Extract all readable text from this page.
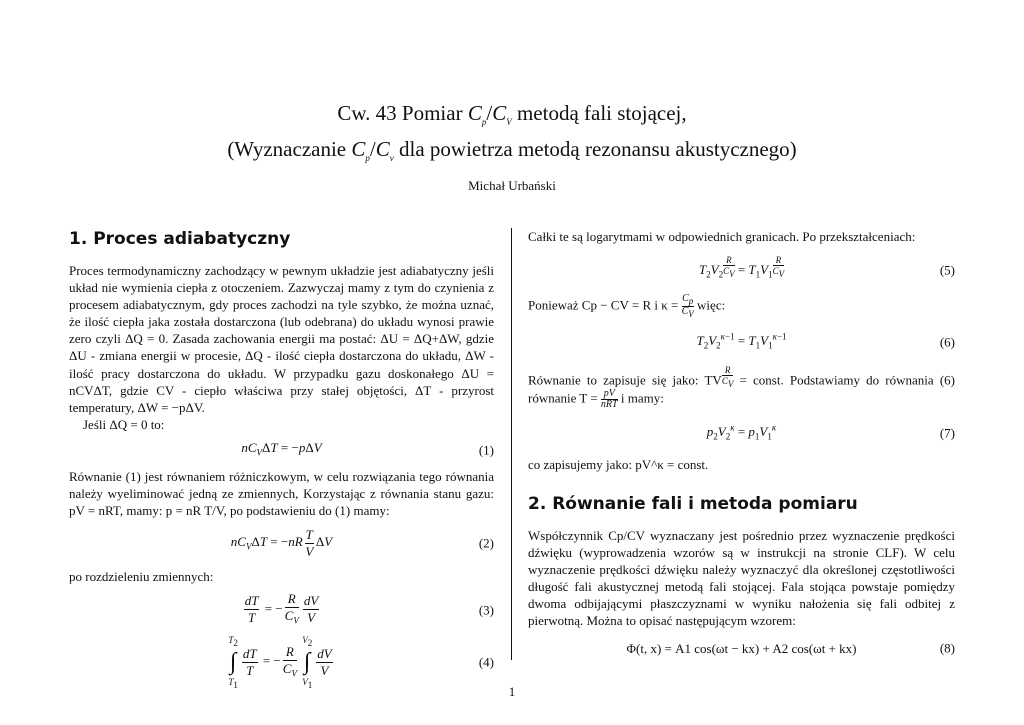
Cw. 43 Pomiar $C_p/C_V$ metodą fali stojącej,
(Wyznaczanie $C_p/C_v$ dla powietrza metodą rezonansu akustycznego)
Michał Urbański
1. Proces adiabatyczny

Proces termodynamiczny zachodzący w pewnym układzie jest adiabatyczny jeśli układ nie wymienia ciepła z otoczeniem. Zazwyczaj mamy z tym do czynienia z procesem adiabatycznym, gdy proces zachodzi na tyle szybko, że można uznać, że ilość ciepła jaka została dostarczona (lub odebrana) do układu wynosi prawie zero czyli ΔQ = 0. Zasada zachowania energii ma postać: ΔU = ΔQ+ΔW, gdzie ΔU - zmiana energii w procesie, ΔQ - ilość ciepła dostarczona do układu, ΔW - ilość pracy dostarczona do układu. W przypadku gazu doskonałego ΔU = nCVΔT, gdzie CV - ciepło właściwa przy stałej objętości, ΔT - przyrost temperatury, ΔW = −pΔV.

Jeśli ΔQ = 0 to:

$nC_V\Delta T = -p\Delta V$	(1)

Równanie (1) jest równaniem różniczkowym, w celu rozwiązania tego równania należy wyeliminować jedną ze zmiennych, Korzystając z równania stanu gazu: pV = nRT, mamy: p = nR T/V, po podstawieniu do (1) mamy:

$nC_V\Delta T = -nR \frac{T}{V}$ ΔV	(2)

po rozdzieleniu zmiennych:

$\frac{dT}{T}$ = − $\frac{R}{C_V} \frac{dV}{V}$	(3)
$T_2$
∫
$T_1$
$\frac{dT}{T}$ = − $\frac{R}{C_V}$
$V_2$
∫
$V_1$
$\frac{dV}{V}$	(4)

Całki te są logarytmami w odpowiednich granicach. Po przekształceniach:

$T_2V_2$ $^{\frac{R}{C_V}} = T_1V_1$ $^{\frac{R}{C_V}}$	(5)

Ponieważ Cp − CV = R i $\kappa = \frac{C_p}{C_V}$ więc:

$T_2V_2^{\kappa-1} = T_1V_1^{\kappa-1}$	(6)

Równanie to zapisuje się jako: TV $^{\frac{R}{C_V}}$ = const. Podstawiamy do równania (6) równanie T = pV
nRT i mamy:

$p_2V_2^\kappa = p_1V_1^\kappa$	(7)

co zapisujemy jako: pV^κ = const.

2. Równanie fali i metoda pomiaru

Współczynnik Cp/CV wyznaczany jest pośrednio przez wyznaczenie prędkości dźwięku (wyprowadzenia wzorów są w instrukcji na stronie CLF). W celu wyznaczenie prędkości dźwięku należy wyznaczyć dla określonej częstotliwości długość fali akustycznej metodą fali stojącej. Fala stojąca powstaje pomiędzy dwoma odbijającymi płaszczyznami w wyniku nałożenia się fali odbitej z pierwotną. Można to opisać następującym wzorem:

Φ(t, x) = A1 cos(ωt − kx) + A2 cos(ωt + kx)	(8)
1
